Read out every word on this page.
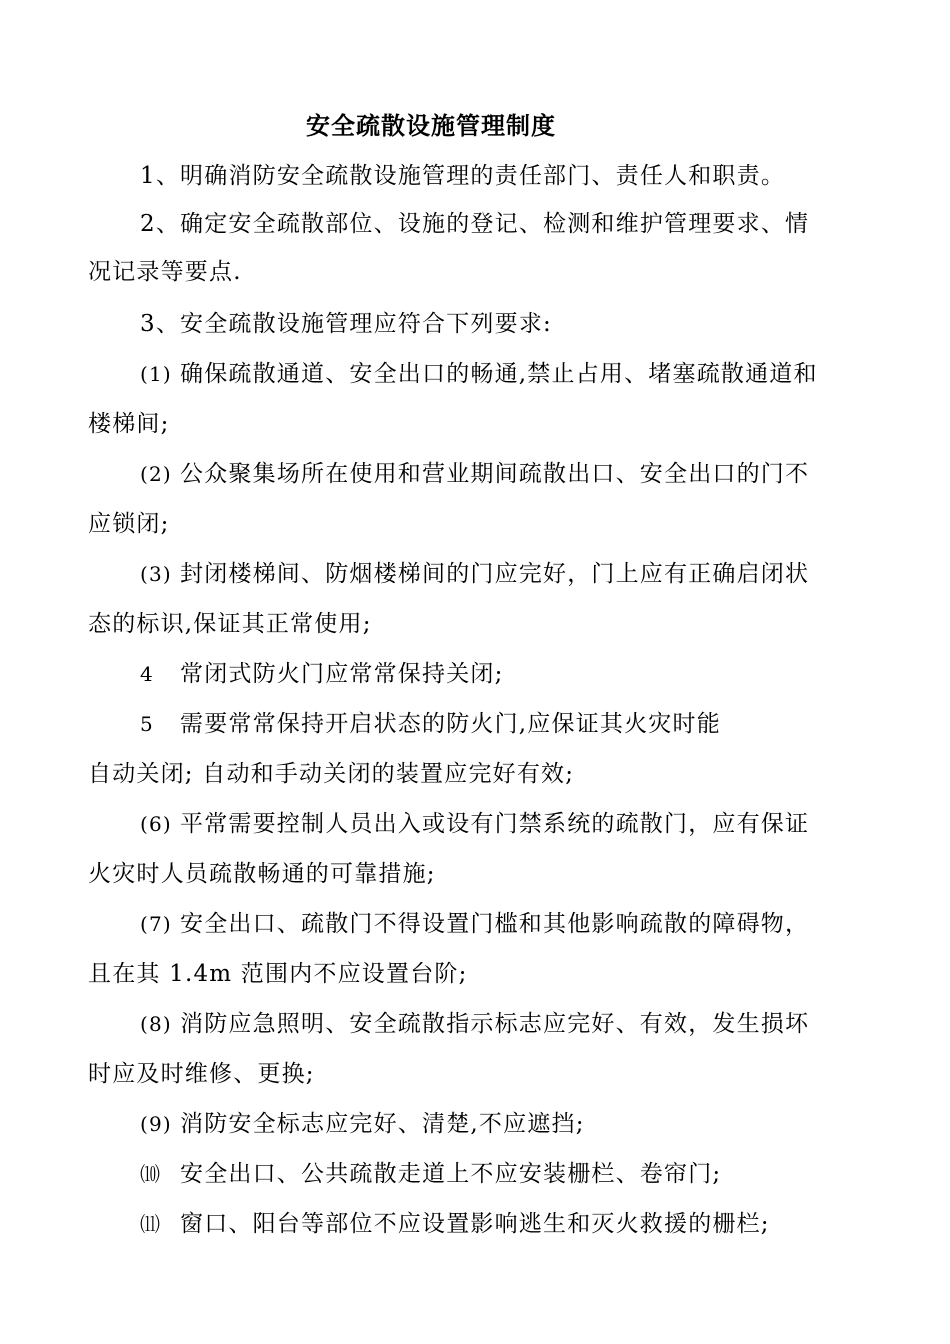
安全疏散设施管理制度
1、明确消防安全疏散设施管理的责任部门、责任人和职责。
2、确定安全疏散部位、设施的登记、检测和维护管理要求、情
况记录等要点.
3、安全疏散设施管理应符合下列要求:
(1) 确保疏散通道、安全出口的畅通,禁止占用、堵塞疏散通道和
楼梯间;
(2) 公众聚集场所在使用和营业期间疏散出口、安全出口的门不
应锁闭;
(3) 封闭楼梯间、防烟楼梯间的门应完好，门上应有正确启闭状
态的标识,保证其正常使用;
4 常闭式防火门应常常保持关闭;
5 需要常常保持开启状态的防火门,应保证其火灾时能
自动关闭; 自动和手动关闭的装置应完好有效;
(6) 平常需要控制人员出入或设有门禁系统的疏散门，应有保证
火灾时人员疏散畅通的可靠措施;
(7) 安全出口、疏散门不得设置门槛和其他影响疏散的障碍物，
且在其 1.4m 范围内不应设置台阶;
(8) 消防应急照明、安全疏散指示标志应完好、有效，发生损坏
时应及时维修、更换;
(9) 消防安全标志应完好、清楚,不应遮挡;
⑽ 安全出口、公共疏散走道上不应安装栅栏、卷帘门;
⑾ 窗口、阳台等部位不应设置影响逃生和灭火救援的栅栏;
